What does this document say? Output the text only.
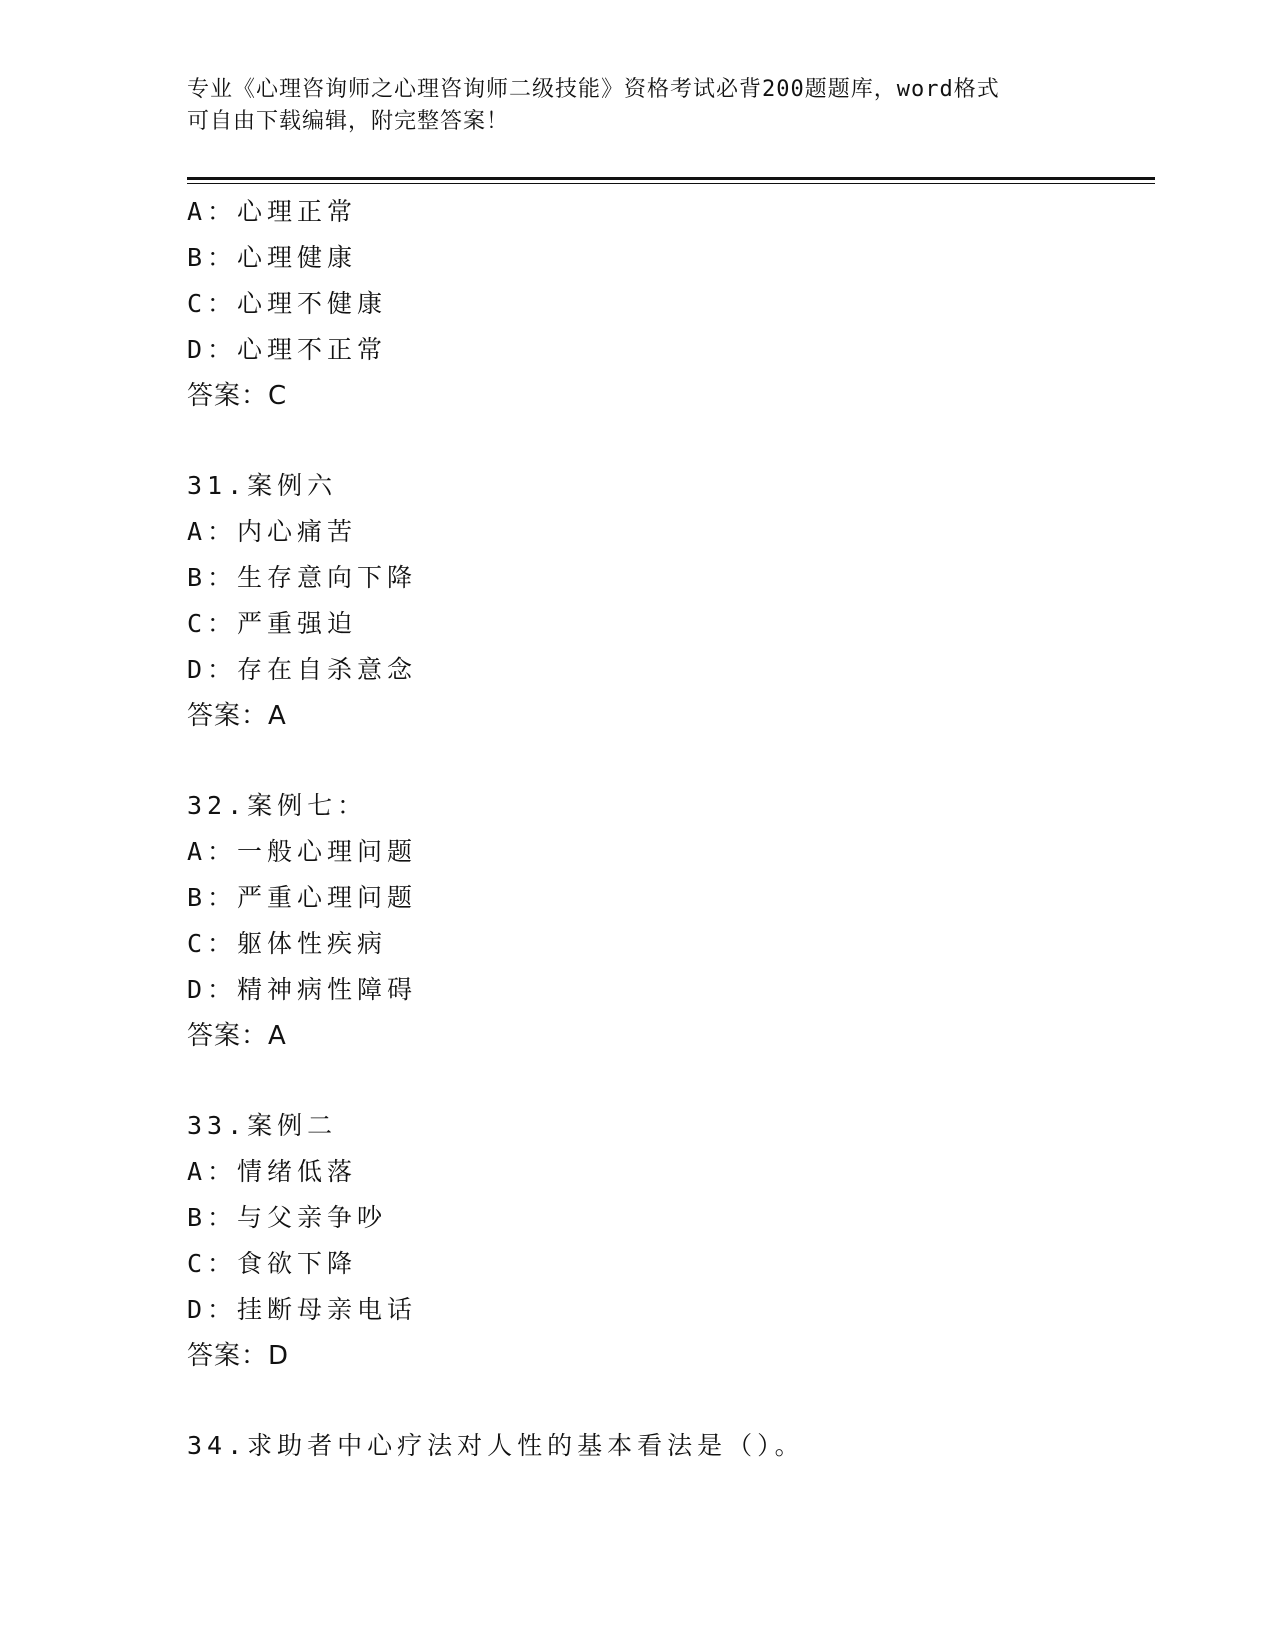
专业《心理咨询师之心理咨询师二级技能》资格考试必背200题题库，word格式
可自由下载编辑，附完整答案！
A：心理正常
B：心理健康
C：心理不健康
D：心理不正常
答案：C
31.案例六
A：内心痛苦
B：生存意向下降
C：严重强迫
D：存在自杀意念
答案：A
32.案例七：
A：一般心理问题
B：严重心理问题
C：躯体性疾病
D：精神病性障碍
答案：A
33.案例二
A：情绪低落
B：与父亲争吵
C：食欲下降
D：挂断母亲电话
答案：D
34.求助者中心疗法对人性的基本看法是（）。
